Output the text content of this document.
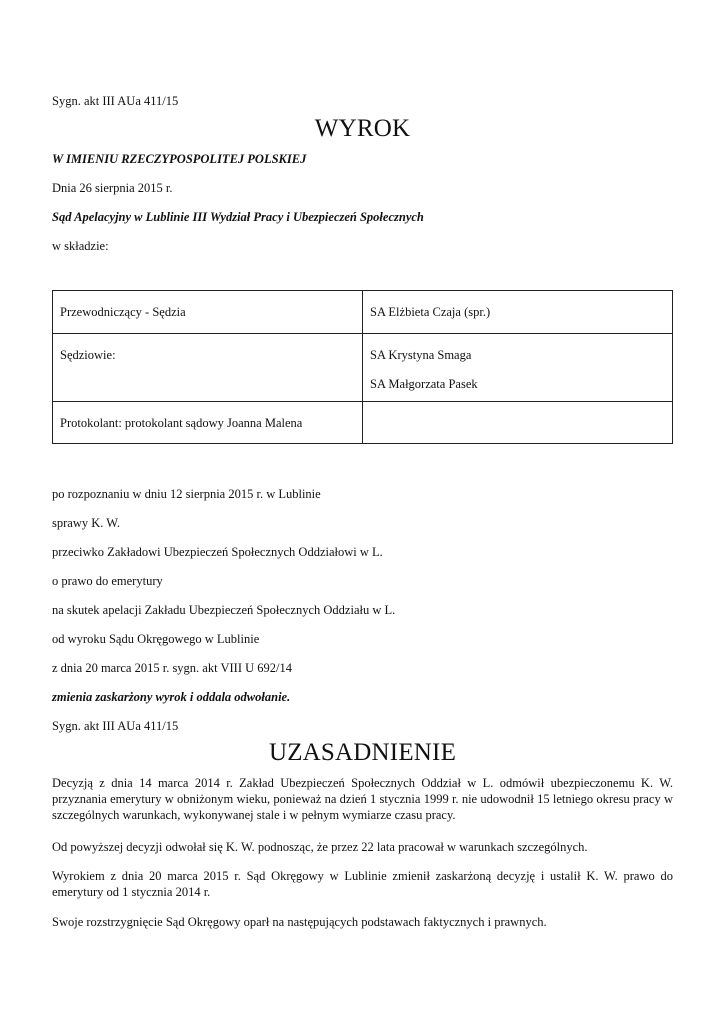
Sygn. akt III AUa 411/15
WYROK
W IMIENIU RZECZYPOSPOLITEJ POLSKIEJ
Dnia 26 sierpnia 2015 r.
Sąd Apelacyjny w Lublinie III Wydział Pracy i Ubezpieczeń Społecznych
w składzie:
Przewodniczący - Sędzia	SA Elżbieta Czaja (spr.)
Sędziowie:	SA Krystyna Smaga
SA Małgorzata Pasek

Protokolant: protokolant sądowy Joanna Malena	
po rozpoznaniu w dniu 12 sierpnia 2015 r. w Lublinie
sprawy K. W.
przeciwko Zakładowi Ubezpieczeń Społecznych Oddziałowi w L.
o prawo do emerytury
na skutek apelacji Zakładu Ubezpieczeń Społecznych Oddziału w L.
od wyroku Sądu Okręgowego w Lublinie
z dnia 20 marca 2015 r. sygn. akt VIII U 692/14
zmienia zaskarżony wyrok i oddala odwołanie.
Sygn. akt III AUa 411/15
UZASADNIENIE
Decyzją z dnia 14 marca 2014 r. Zakład Ubezpieczeń Społecznych Oddział w L. odmówił ubezpieczonemu K. W. przyznania emerytury w obniżonym wieku, ponieważ na dzień 1 stycznia 1999 r. nie udowodnił 15 letniego okresu pracy w szczególnych warunkach, wykonywanej stale i w pełnym wymiarze czasu pracy.
Od powyższej decyzji odwołał się K. W. podnosząc, że przez 22 lata pracował w warunkach szczególnych.
Wyrokiem z dnia 20 marca 2015 r. Sąd Okręgowy w Lublinie zmienił zaskarżoną decyzję i ustalił K. W. prawo do emerytury od 1 stycznia 2014 r.
Swoje rozstrzygnięcie Sąd Okręgowy oparł na następujących podstawach faktycznych i prawnych.
